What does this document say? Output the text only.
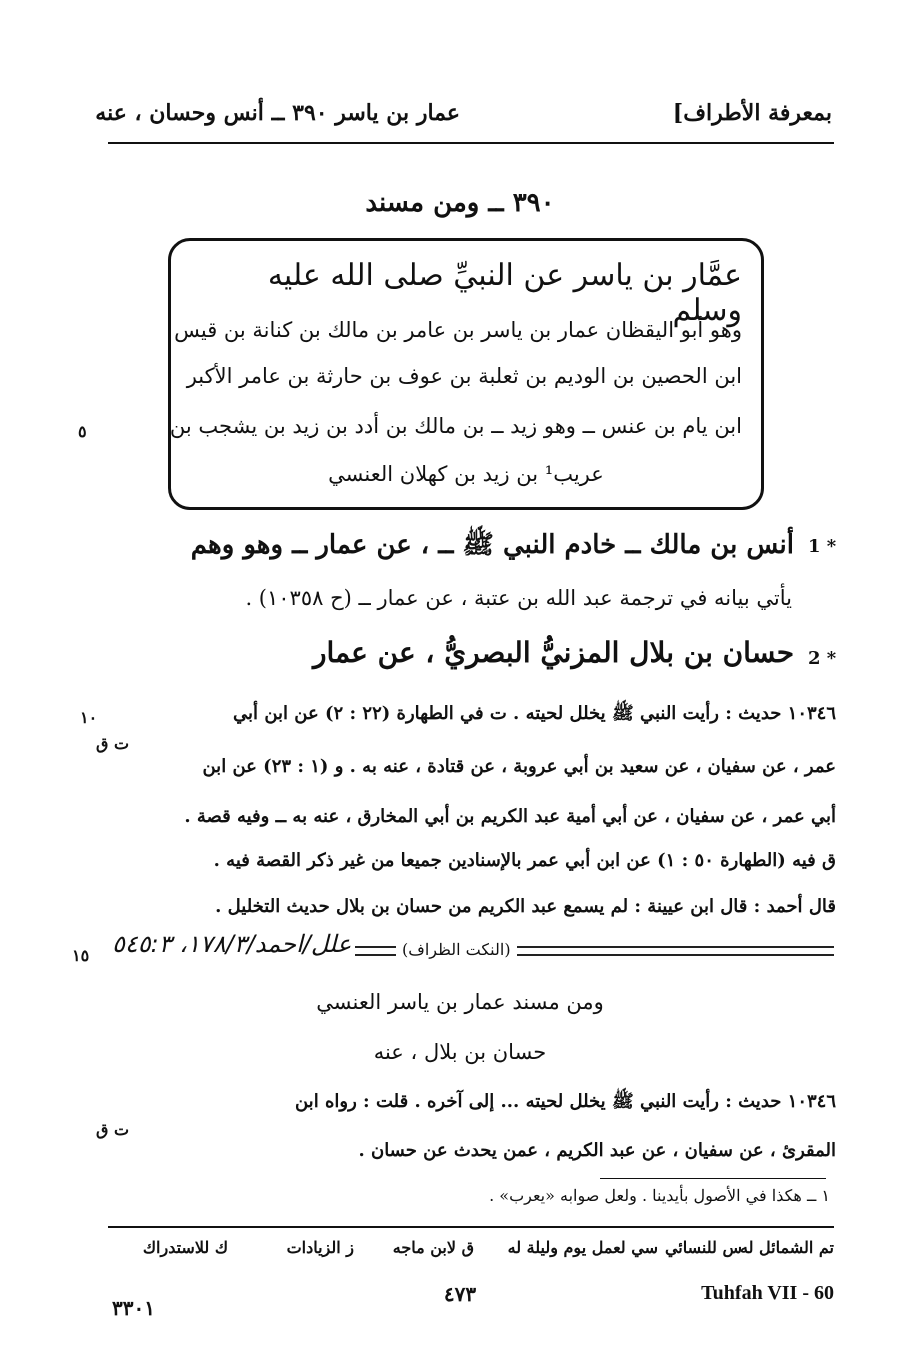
بمعرفة الأطراف]
عمار بن ياسر ٣٩٠ ــ أنس وحسان ، عنه
٣٩٠ ــ ومن مسند
عمَّار بن ياسر عن النبيِّ صلى الله عليه وسلم
وهو أبو اليقظان عمار بن ياسر بن عامر بن مالك بن كنانة بن قيس
ابن الحصين بن الوديم بن ثعلبة بن عوف بن حارثة بن عامر الأكبر
ابن يام بن عنس ــ وهو زيد ــ بن مالك بن أدد بن زيد بن يشجب بن
عريب¹ بن زيد بن كهلان العنسي
٥
1 *
أنس بن مالك ــ خادم النبي ﷺ ــ ، عن عمار ــ وهو وهم
يأتي بيانه في ترجمة عبد الله بن عتبة ، عن عمار ــ (ح ١٠٣٥٨) .
2 *
حسان بن بلال المزنيُّ البصريُّ ، عن عمار
١٠٣٤٦ حديث : رأيت النبي ﷺ يخلل لحيته . ت في الطهارة (٢٢ : ٢) عن ابن أبي
عمر ، عن سفيان ، عن سعيد بن أبي عروبة ، عن قتادة ، عنه به . و (١ : ٢٣) عن ابن
أبي عمر ، عن سفيان ، عن أبي أمية عبد الكريم بن أبي المخارق ، عنه به ــ وفيه قصة .
ق فيه (الطهارة ٥٠ : ١) عن ابن أبي عمر بالإسنادين جميعا من غير ذكر القصة فيه .
قال أحمد : قال ابن عيينة : لم يسمع عبد الكريم من حسان بن بلال حديث التخليل .
١٠
ت ق
(النكت الظراف)
علل/احمد/١٧٨/٣، ٥٤٥:٣
١٥
ومن مسند عمار بن ياسر العنسي
حسان بن بلال ، عنه
١٠٣٤٦ حديث : رأيت النبي ﷺ يخلل لحيته ... إلى آخره . قلت : رواه ابن
المقرئ ، عن سفيان ، عن عبد الكريم ، عمن يحدث عن حسان .
ت ق
١ ــ هكذا في الأصول بأيدينا . ولعل صوابه «يعرب» .
تم الشمائل له
س للنسائي
سي لعمل يوم وليلة له
ق لابن ماجه
ز الزيادات
ك للاستدراك
٣٣٠١
٤٧٣	Tuhfah VII - 60
